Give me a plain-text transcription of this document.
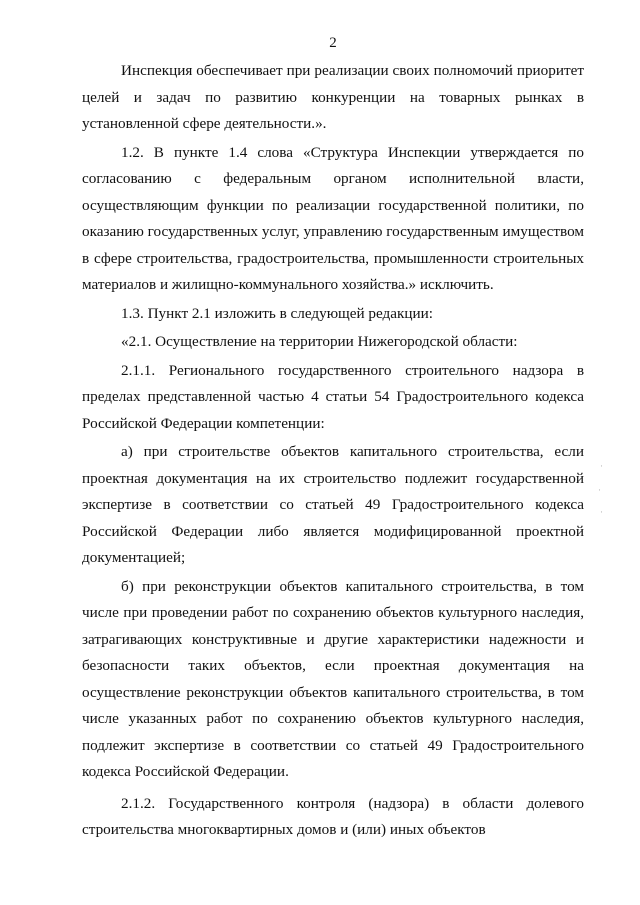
2

Инспекция обеспечивает при реализации своих полномочий приоритет целей и задач по развитию конкуренции на товарных рынках в установленной сфере деятельности.».

1.2. В пункте 1.4 слова «Структура Инспекции утверждается по согласованию с федеральным органом исполнительной власти, осуществляющим функции по реализации государственной политики, по оказанию государственных услуг, управлению государственным имуществом в сфере строительства, градостроительства, промышленности строительных материалов и жилищно-коммунального хозяйства.» исключить.

1.3. Пункт 2.1 изложить в следующей редакции:

«2.1. Осуществление на территории Нижегородской области:

2.1.1. Регионального государственного строительного надзора в пределах представленной частью 4 статьи 54 Градостроительного кодекса Российской Федерации компетенции:

а) при строительстве объектов капитального строительства, если проектная документация на их строительство подлежит государственной экспертизе в соответствии со статьей 49 Градостроительного кодекса Российской Федерации либо является модифицированной проектной документацией;

б) при реконструкции объектов капитального строительства, в том числе при проведении работ по сохранению объектов культурного наследия, затрагивающих конструктивные и другие характеристики надежности и безопасности таких объектов, если проектная документация на осуществление реконструкции объектов капитального строительства, в том числе указанных работ по сохранению объектов культурного наследия, подлежит экспертизе в соответствии со статьей 49 Градостроительного кодекса Российской Федерации.

2.1.2. Государственного контроля (надзора) в области долевого строительства многоквартирных домов и (или) иных объектов

·
·
·
